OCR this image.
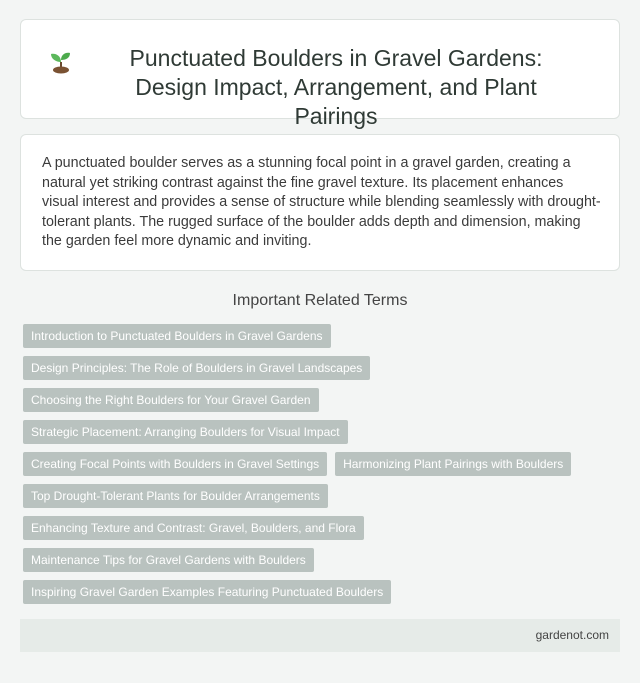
Punctuated Boulders in Gravel Gardens: Design Impact, Arrangement, and Plant Pairings

A punctuated boulder serves as a stunning focal point in a gravel garden, creating a natural yet striking contrast against the fine gravel texture. Its placement enhances visual interest and provides a sense of structure while blending seamlessly with drought-tolerant plants. The rugged surface of the boulder adds depth and dimension, making the garden feel more dynamic and inviting.

Important Related Terms
Introduction to Punctuated Boulders in Gravel Gardens
Design Principles: The Role of Boulders in Gravel Landscapes
Choosing the Right Boulders for Your Gravel Garden
Strategic Placement: Arranging Boulders for Visual Impact
Creating Focal Points with Boulders in Gravel Settings	Harmonizing Plant Pairings with Boulders
Top Drought-Tolerant Plants for Boulder Arrangements
Enhancing Texture and Contrast: Gravel, Boulders, and Flora
Maintenance Tips for Gravel Gardens with Boulders
Inspiring Gravel Garden Examples Featuring Punctuated Boulders
gardenot.com
